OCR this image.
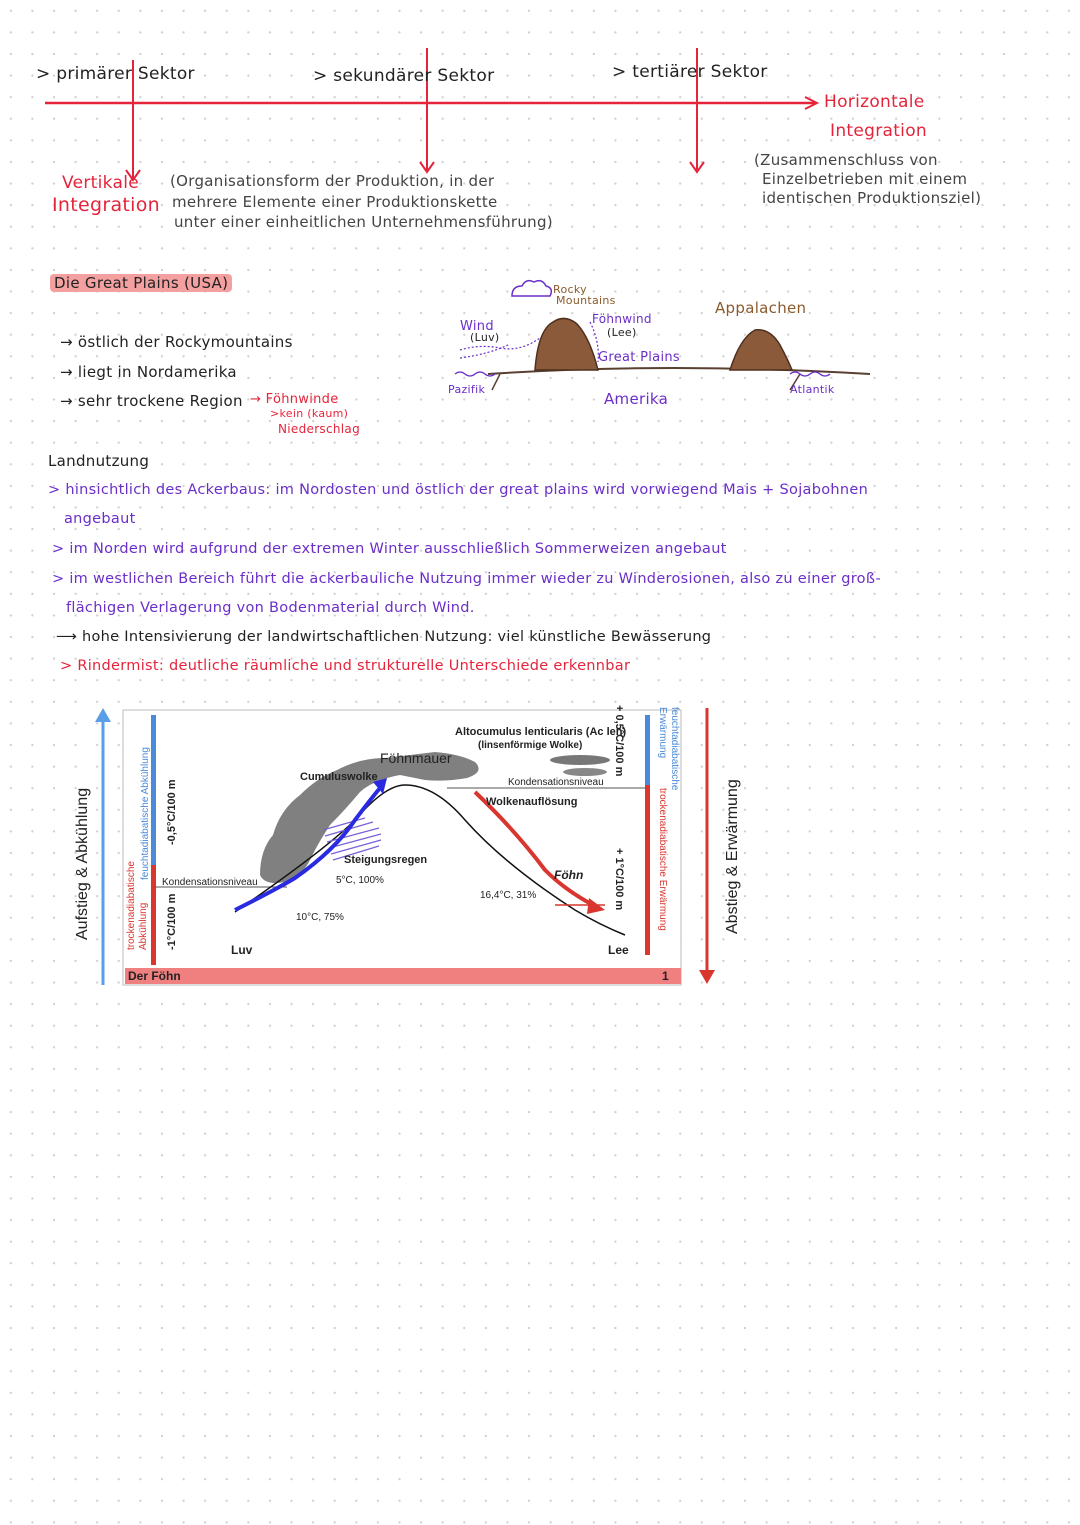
> primärer Sektor	> sekundärer Sektor	> tertiärer Sektor
Horizontale
Integration
(Zusammenschluss von
Einzelbetrieben mit einem
identischen Produktionsziel)
Vertikale
Integration
(Organisationsform der Produktion, in der
mehrere Elemente einer Produktionskette
unter einer einheitlichen Unternehmensführung)
Die Great Plains (USA)
→ östlich der Rockymountains
→ liegt in Nordamerika
→ sehr trockene Region → Föhnwinde
>kein (kaum)
Niederschlag
Wind
(Luv)
Rocky
Mountains
Föhnwind
(Lee)
Great Plains
Appalachen
Pazifik
Amerika
Atlantik
Landnutzung
> hinsichtlich des Ackerbaus: im Nordosten und östlich der great plains wird vorwiegend Mais + Sojabohnen
angebaut
> im Norden wird aufgrund der extremen Winter ausschließlich Sommerweizen angebaut
> im westlichen Bereich führt die ackerbauliche Nutzung immer wieder zu Winderosionen, also zu einer groß-
flächigen Verlagerung von Bodenmaterial durch Wind.
⟶ hohe Intensivierung der landwirtschaftlichen Nutzung: viel künstliche Bewässerung
> Rindermist: deutliche räumliche und strukturelle Unterschiede erkennbar
Aufstieg & Abkühlung	Abstieg & Erwärmung
trockenadiabatische Abkühlung
feuchtadiabatische Abkühlung -0,5°C/100 m
-1°C/100 m
+ 0,5°C/100 m
+ 1°C/100 m
feuchtadiabatische
Erwärmung
trockenadiabatische Erwärmung
Altocumulus lenticularis (Ac len)
(linsenförmige Wolke)
Föhnmauer
Cumuluswolke	Kondensationsniveau
Wolkenauflösung
Steigungsregen
5°C, 100%
Kondensationsniveau
Föhn
16,4°C, 31%
10°C, 75%
Luv	Lee
Der Föhn	1
